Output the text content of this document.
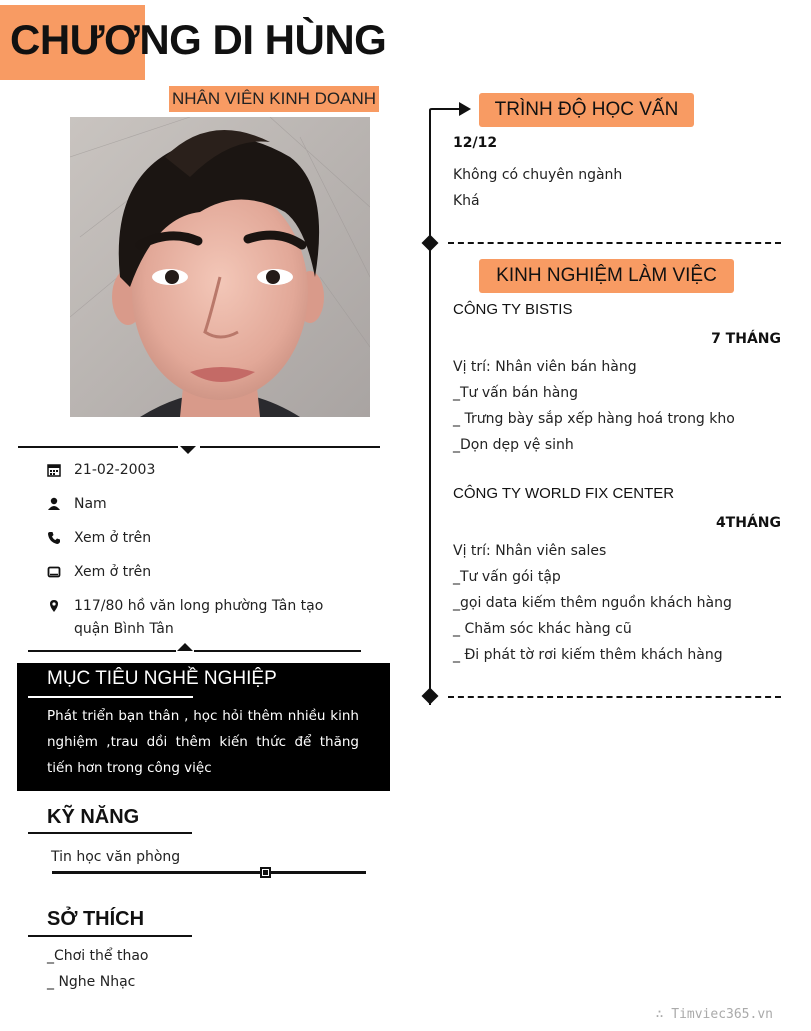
CHƯƠNG DI HÙNG
NHÂN VIÊN KINH DOANH
21-02-2003
Nam
Xem ở trên
Xem ở trên
117/80 hồ văn long phường Tân tạo
quận Bình Tân
MỤC TIÊU NGHỀ NGHIỆP
Phát triển bạn thân , học hỏi thêm nhiều kinh nghiệm ,trau dồi thêm kiến thức để thăng tiến hơn trong công việc
KỸ NĂNG
Tin học văn phòng
SỞ THÍCH
_Chơi thể thao
_ Nghe Nhạc
TRÌNH ĐỘ HỌC VẤN
12/12
Không có chuyên ngành
Khá
KINH NGHIỆM LÀM VIỆC
CÔNG TY BISTIS
7 THÁNG
Vị trí: Nhân viên bán hàng
_Tư vấn bán hàng
_ Trưng bày sắp xếp hàng hoá trong kho
_Dọn dẹp vệ sinh
CÔNG TY WORLD FIX CENTER
4THÁNG
Vị trí: Nhân viên sales
_Tư vấn gói tập
_gọi data kiếm thêm nguồn khách hàng
_ Chăm sóc khác hàng cũ
_ Đi phát tờ rơi kiếm thêm khách hàng
∴ Timviec365.vn
